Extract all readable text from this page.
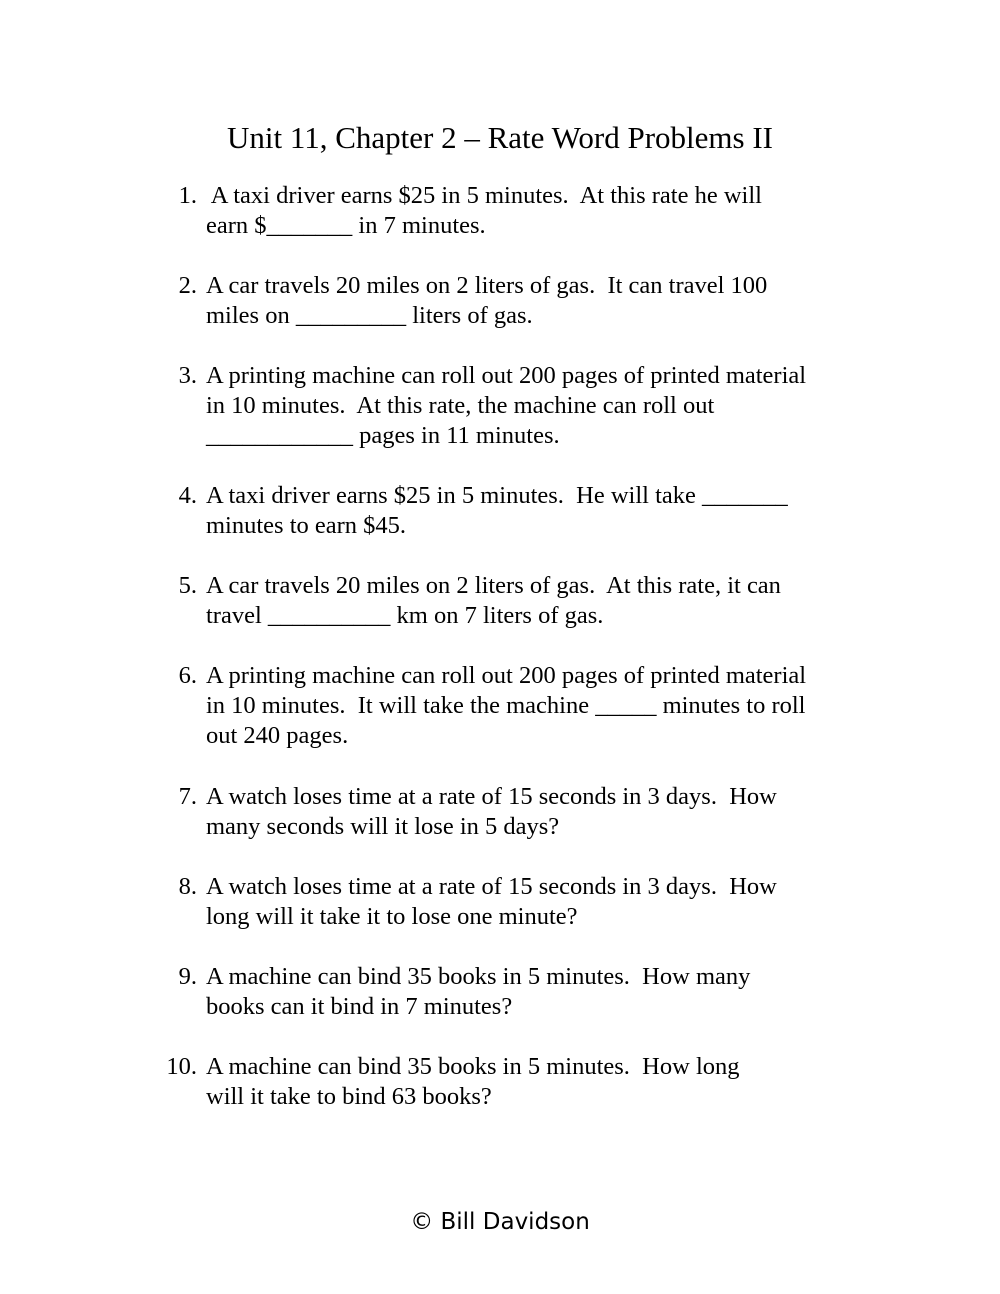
Unit 11, Chapter 2 – Rate Word Problems II
1. A taxi driver earns $25 in 5 minutes.  At this rate he will
earn $_______ in 7 minutes.
2. A car travels 20 miles on 2 liters of gas.  It can travel 100
miles on _________ liters of gas.
3. A printing machine can roll out 200 pages of printed material
in 10 minutes.  At this rate, the machine can roll out
____________ pages in 11 minutes.
4. A taxi driver earns $25 in 5 minutes.  He will take _______
minutes to earn $45.
5. A car travels 20 miles on 2 liters of gas.  At this rate, it can
travel __________ km on 7 liters of gas.
6. A printing machine can roll out 200 pages of printed material
in 10 minutes.  It will take the machine _____ minutes to roll
out 240 pages.
7. A watch loses time at a rate of 15 seconds in 3 days.  How
many seconds will it lose in 5 days?
8. A watch loses time at a rate of 15 seconds in 3 days.  How
long will it take it to lose one minute?
9. A machine can bind 35 books in 5 minutes.  How many
books can it bind in 7 minutes?
10. A machine can bind 35 books in 5 minutes.  How long
will it take to bind 63 books?
© Bill Davidson
